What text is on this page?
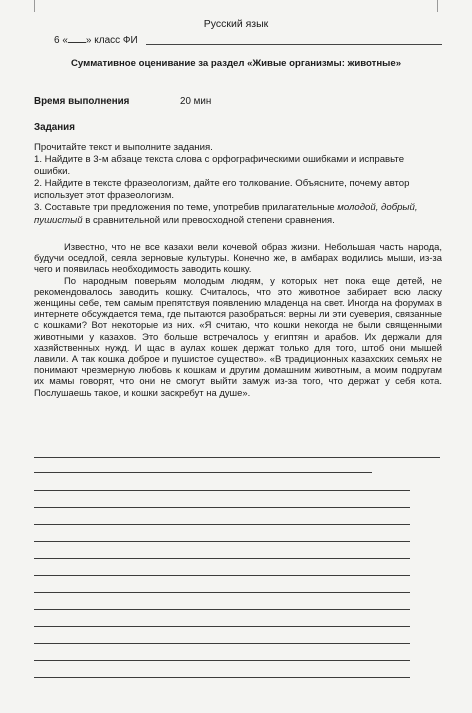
Русский язык
6 « » класс ФИ
Суммативное оценивание за раздел «Живые организмы: животные»
Время выполнения	20 мин
Задания
Прочитайте текст и выполните задания.
1. Найдите в 3-м абзаце текста слова с орфографическими ошибками и исправьте ошибки.
2. Найдите в тексте фразеологизм, дайте его толкование. Объясните, почему автор использует этот фразеологизм.
3. Составьте три предложения по теме, употребив прилагательные молодой, добрый, пушистый в сравнительной или превосходной степени сравнения.

Известно, что не все казахи вели кочевой образ жизни. Небольшая часть народа, будучи оседлой, сеяла зерновые культуры. Конечно же, в амбарах водились мыши, из-за чего и появилась необходимость заводить кошку.

По народным поверьям молодым людям, у которых нет пока еще детей, не рекомендовалось заводить кошку. Считалось, что это животное забирает всю ласку женщины себе, тем самым препятствуя появлению младенца на свет. Иногда на форумах в интернете обсуждается тема, где пытаются разобраться: верны ли эти суеверия, связанные с кошками? Вот некоторые из них. «Я считаю, что кошки некогда не были священными животными у казахов. Это больше встречалось у египтян и арабов. Их держали для хазяйственных нужд. И щас в аулах кошек держат только для того, штоб они мышей лавили. А так кошка доброе и пушистое существо». «В традиционных казахских семьях не понимают чрезмерную любовь к кошкам и другим домашним животным, а моим подругам их мамы говорят, что они не смогут выйти замуж из-за того, что держат у себя кота. Послушаешь такое, и кошки заскребут на душе».
